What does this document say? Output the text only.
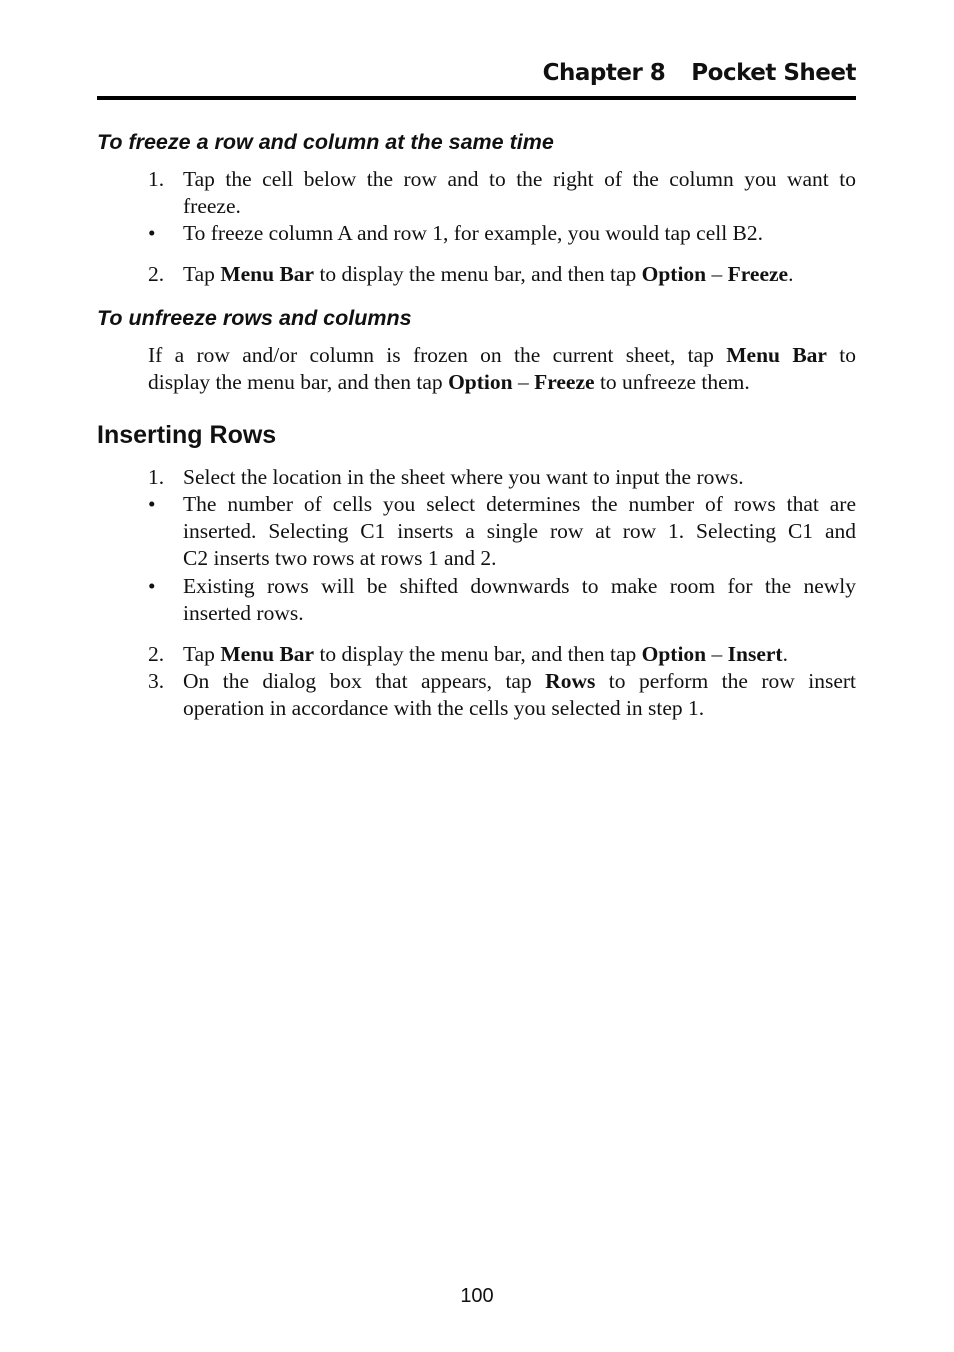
Chapter 8 Pocket Sheet
To freeze a row and column at the same time
1. Tap the cell below the row and to the right of the column you want to
freeze.
•	To freeze column A and row 1, for example, you would tap cell B2.
2. Tap Menu Bar to display the menu bar, and then tap Option – Freeze.
To unfreeze rows and columns
If a row and/or column is frozen on the current sheet, tap Menu Bar to
display the menu bar, and then tap Option – Freeze to unfreeze them.
Inserting Rows
1. Select the location in the sheet where you want to input the rows.
•	The number of cells you select determines the number of rows that are
inserted. Selecting C1 inserts a single row at row 1. Selecting C1 and
C2 inserts two rows at rows 1 and 2.
•	Existing rows will be shifted downwards to make room for the newly
inserted rows.
2. Tap Menu Bar to display the menu bar, and then tap Option – Insert.
3. On the dialog box that appears, tap Rows to perform the row insert
operation in accordance with the cells you selected in step 1.
100
